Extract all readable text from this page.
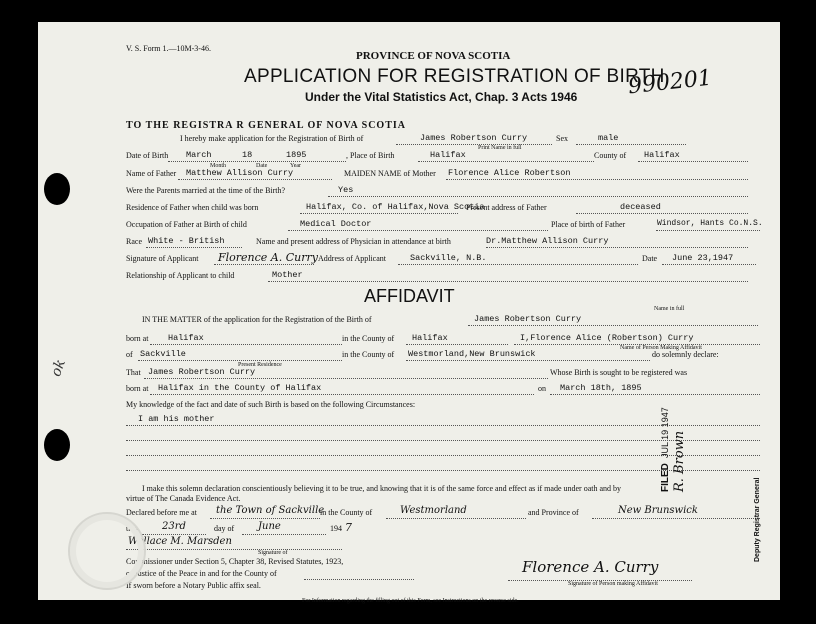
V. S. Form 1.—10M-3-46.
PROVINCE OF NOVA SCOTIA
APPLICATION FOR REGISTRATION OF BIRTH
Under the Vital Statistics Act, Chap. 3 Acts 1946 990201
TO THE REGISTRA R GENERAL OF NOVA SCOTIA
I hereby make application for the Registration of Birth of	James Robertson Curry
Print Name in full
Sex	male
Date of Birth March	18	1895
Month	Date	Year
, Place of Birth	Halifax	County of Halifax
Name of Father Matthew Allison Curry	MAIDEN NAME of Mother Florence Alice Robertson
Were the Parents married at the time of the Birth?	Yes
Residence of Father when child was born	Halifax, Co. of Halifax,Nova Scotia
Present address of Father	deceased
Occupation of Father at Birth of child	Medical Doctor	Place of birth of Father	Windsor, Hants Co.N.S.
Race White - British	Name and present address of Physician in attendance at birth	Dr.Matthew Allison Curry
Signature of Applicant Florence A. Curry Address of Applicant	Sackville, N.B.	Date June 23,1947
Relationship of Applicant to child	Mother
AFFIDAVIT
IN THE MATTER of the application for the Registration of the Birth of	James Robertson Curry
Name in full
born at Halifax	in the County of Halifax	I,Florence Alice (Robertson) Curry
Name of Person Making Affidavit
of Sackville	in the County of Westmorland,New Brunswick	do solemnly declare:
Present Residence
That James Robertson Curry	Whose Birth is sought to be registered was
born at Halifax in the County of Halifax	on March 18th, 1895
My knowledge of the fact and date of such Birth is based on the following Circumstances:
I am his mother
I make this solemn declaration conscientiously believing it to be true, and knowing that it is of the same force and effect as if made under oath and by
virtue of The Canada Evidence Act.
Declared before me at the Town of Sackville
in the County of	Westmorland	and Province of	New Brunswick
this 23rd	day of June	194 7
Wallace M. Marsden
Signature of
Commissioner under Section 5, Chapter 38, Revised Statutes, 1923,
or Justice of the Peace in and for the County of
If sworn before a Notary Public affix seal.
Florence A. Curry
Signature of Person making Affidavit
For Information regarding the filling out of this Form, see Instructions on the reverse side.
ok
FILED
JUL 19 1947 R. Brown
Deputy Registrar General
